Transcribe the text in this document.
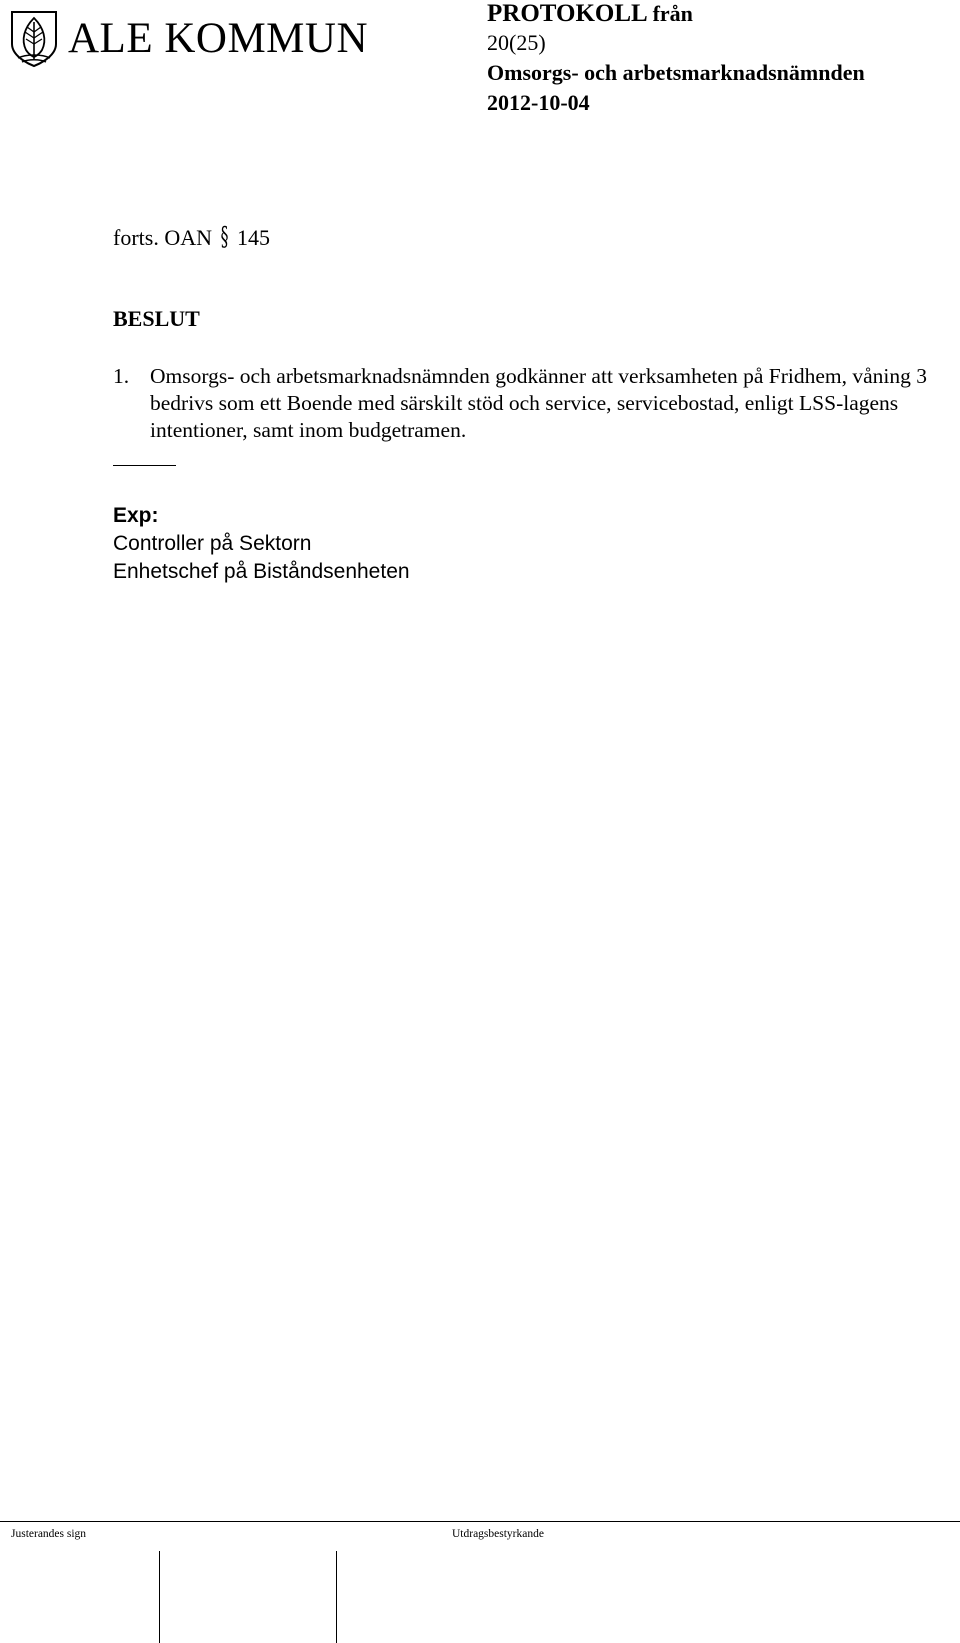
ALE KOMMUN
PROTOKOLL från
20(25)
Omsorgs- och arbetsmarknadsnämnden
2012-10-04
forts. OAN § 145
BESLUT
1. Omsorgs- och arbetsmarknadsnämnden godkänner att verksamheten på Fridhem, våning 3 bedrivs som ett Boende med särskilt stöd och service, servicebostad, enligt LSS-lagens intentioner, samt inom budgetramen.
Exp:
Controller på Sektorn
Enhetschef på Biståndsenheten
Justerandes sign	Utdragsbestyrkande
